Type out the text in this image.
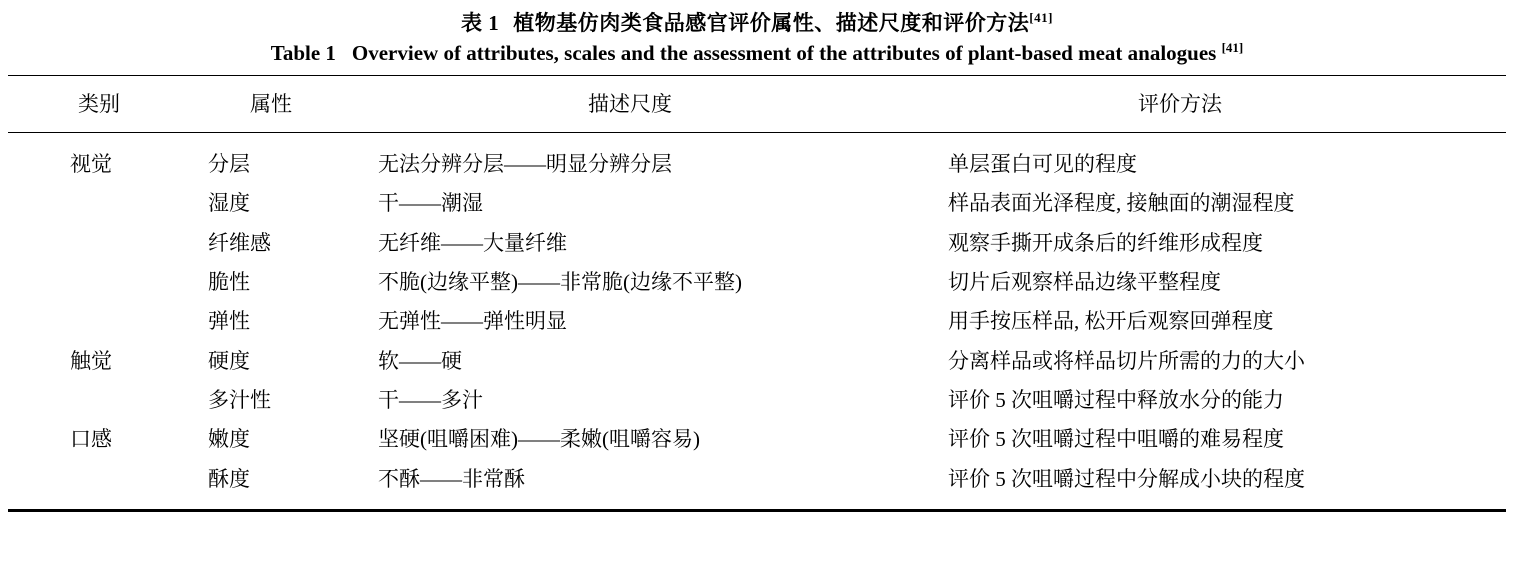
表 1 植物基仿肉类食品感官评价属性、描述尺度和评价方法[41]
Table 1 Overview of attributes, scales and the assessment of the attributes of plant-based meat analogues [41]
类别	属性	描述尺度	评价方法
视觉	分层	无法分辨分层——明显分辨分层	单层蛋白可见的程度
	湿度	干——潮湿	样品表面光泽程度, 接触面的潮湿程度
	纤维感	无纤维——大量纤维	观察手撕开成条后的纤维形成程度
	脆性	不脆(边缘平整)——非常脆(边缘不平整)	切片后观察样品边缘平整程度
	弹性	无弹性——弹性明显	用手按压样品, 松开后观察回弹程度
触觉	硬度	软——硬	分离样品或将样品切片所需的力的大小
	多汁性	干——多汁	评价 5 次咀嚼过程中释放水分的能力
口感	嫩度	坚硬(咀嚼困难)——柔嫩(咀嚼容易)	评价 5 次咀嚼过程中咀嚼的难易程度
	酥度	不酥——非常酥	评价 5 次咀嚼过程中分解成小块的程度
